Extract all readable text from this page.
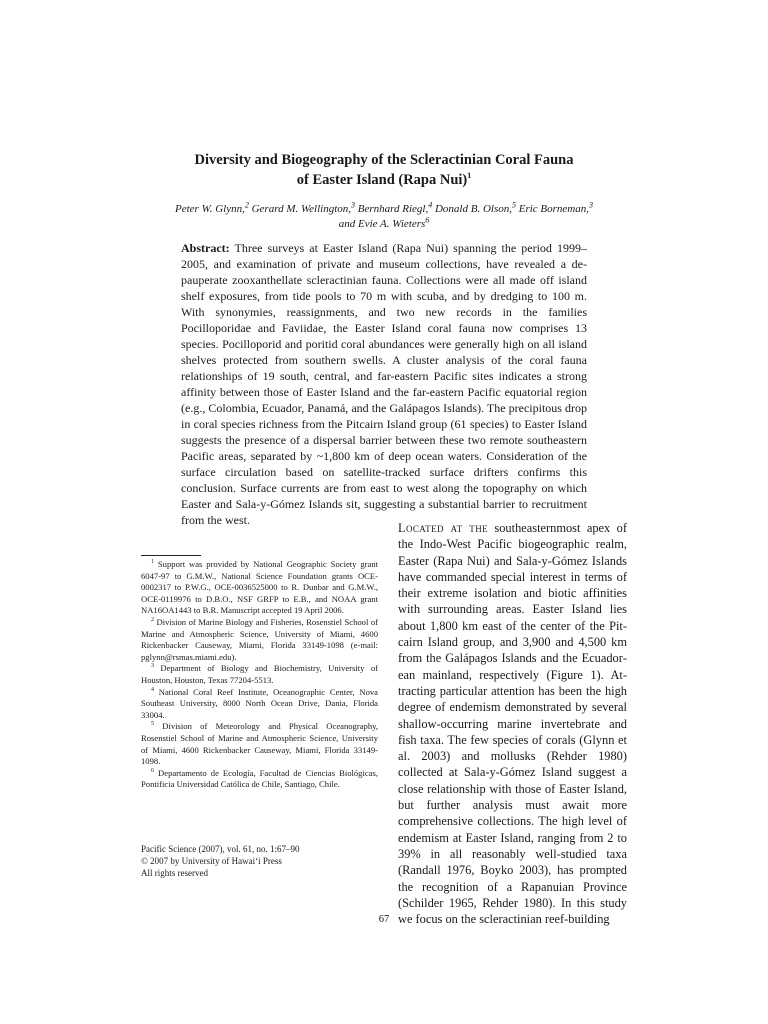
Diversity and Biogeography of the Scleractinian Coral Fauna
of Easter Island (Rapa Nui)$^1$
Peter W. Glynn,$^2$ Gerard M. Wellington,$^3$ Bernhard Riegl,$^4$ Donald B. Olson,$^5$ Eric Borneman,$^3$
and Evie A. Wieters$^6$

Abstract: Three surveys at Easter Island (Rapa Nui) spanning the period 1999–2005, and examination of private and museum collections, have revealed a depauperate zooxanthellate scleractinian fauna. Collections were all made off island shelf exposures, from tide pools to 70 m with scuba, and by dredging to 100 m. With synonymies, reassignments, and two new records in the families Pocilloporidae and Faviidae, the Easter Island coral fauna now comprises 13 species. Pocilloporid and poritid coral abundances were generally high on all island shelves protected from southern swells. A cluster analysis of the coral fauna relationships of 19 south, central, and far-eastern Pacific sites indicates a strong affinity between those of Easter Island and the far-eastern Pacific equatorial region (e.g., Colombia, Ecuador, Panamá, and the Galápagos Islands). The precipitous drop in coral species richness from the Pitcairn Island group (61 species) to Easter Island suggests the presence of a dispersal barrier between these two remote southeastern Pacific areas, separated by ~1,800 km of deep ocean waters. Consideration of the surface circulation based on satellite-tracked surface drifters confirms this conclusion. Surface currents are from east to west along the topography on which Easter and Sala-y-Gómez Islands sit, suggesting a substantial barrier to recruitment from the west.

$^1$ Support was provided by National Geographic Society grant 6047-97 to G.M.W., National Science Foundation grants OCE-0002317 to P.W.G., OCE-0036525000 to R. Dunbar and G.M.W., OCE-0119976 to D.B.O., NSF GRFP to E.B., and NOAA grant NA16OA1443 to B.R. Manuscript accepted 19 April 2006.

$^2$ Division of Marine Biology and Fisheries, Rosenstiel School of Marine and Atmospheric Science, University of Miami, 4600 Rickenbacker Causeway, Miami, Florida 33149-1098 (e-mail: pglynn@rsmas.miami.edu).

$^3$ Department of Biology and Biochemistry, University of Houston, Houston, Texas 77204-5513.

$^4$ National Coral Reef Institute, Oceanographic Center, Nova Southeast University, 8000 North Ocean Drive, Dania, Florida 33004.

$^5$ Division of Meteorology and Physical Oceanography, Rosenstiel School of Marine and Atmospheric Science, University of Miami, 4600 Rickenbacker Causeway, Miami, Florida 33149-1098.

$^6$ Departamento de Ecología, Facultad de Ciencias Biológicas, Pontificia Universidad Católica de Chile, Santiago, Chile.

Pacific Science (2007), vol. 61, no. 1:67–90
© 2007 by University of Hawai‘i Press
All rights reserved

Located at the southeasternmost apex of the Indo-West Pacific biogeographic realm, Easter (Rapa Nui) and Sala-y-Gómez Islands have commanded special interest in terms of their extreme isolation and biotic affinities with surrounding areas. Easter Island lies about 1,800 km east of the center of the Pitcairn Island group, and 3,900 and 4,500 km from the Galápagos Islands and the Ecuadorean mainland, respectively (Figure 1). Attracting particular attention has been the high degree of endemism demonstrated by several shallow-occurring marine invertebrate and fish taxa. The few species of corals (Glynn et al. 2003) and mollusks (Rehder 1980) collected at Sala-y-Gómez Island suggest a close relationship with those of Easter Island, but further analysis must await more comprehensive collections. The high level of endemism at Easter Island, ranging from 2 to 39% in all reasonably well-studied taxa (Randall 1976, Boyko 2003), has prompted the recognition of a Rapanuian Province (Schilder 1965, Rehder 1980). In this study we focus on the scleractinian reef-building

67
